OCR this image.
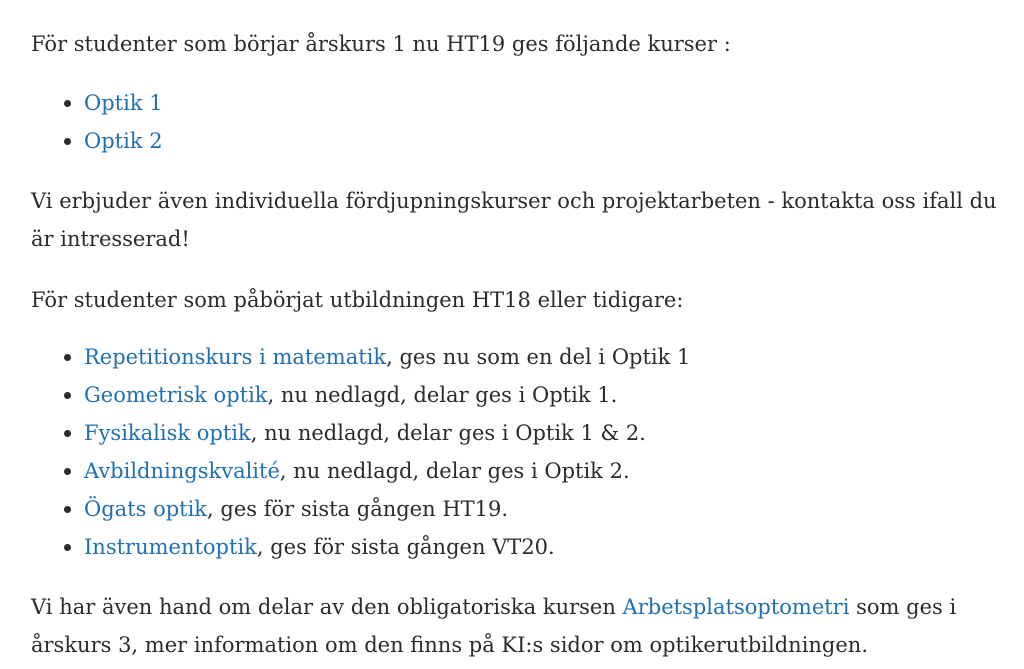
För studenter som börjar årskurs 1 nu HT19 ges följande kurser :

Optik 1
Optik 2

Vi erbjuder även individuella fördjupningskurser och projektarbeten - kontakta oss ifall du är intresserad!

För studenter som påbörjat utbildningen HT18 eller tidigare:

Repetitionskurs i matematik, ges nu som en del i Optik 1
Geometrisk optik, nu nedlagd, delar ges i Optik 1.
Fysikalisk optik, nu nedlagd, delar ges i Optik 1 & 2.
Avbildningskvalité, nu nedlagd, delar ges i Optik 2.
Ögats optik, ges för sista gången HT19.
Instrumentoptik, ges för sista gången VT20.

Vi har även hand om delar av den obligatoriska kursen Arbetsplatsoptometri som ges i årskurs 3, mer information om den finns på KI:s sidor om optikerutbildningen.
